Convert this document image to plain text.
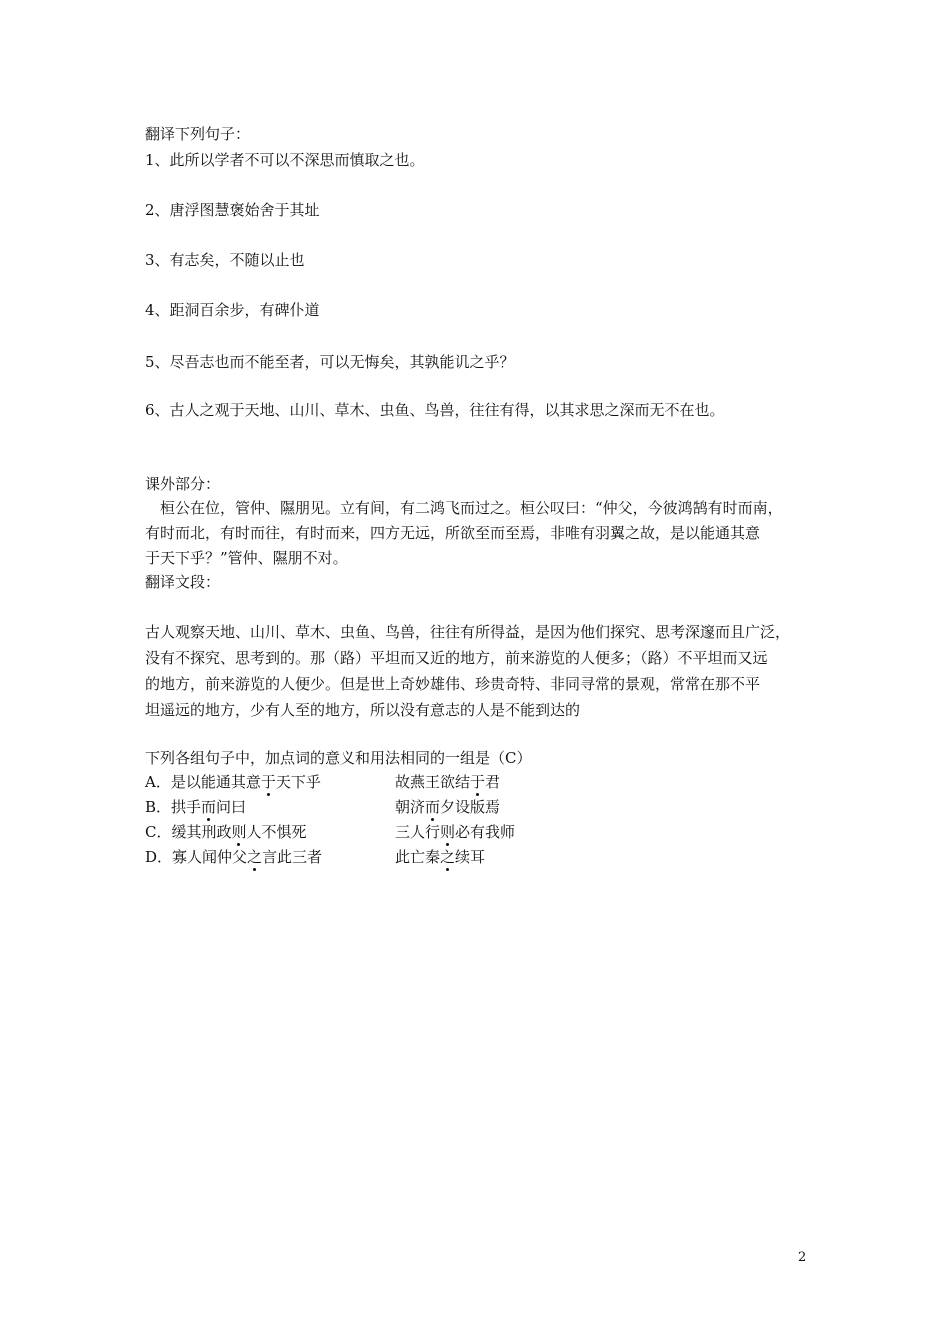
翻译下列句子：
1、此所以学者不可以不深思而慎取之也。
2、唐浮图慧褒始舍于其址
3、有志矣，不随以止也
4、距洞百余步，有碑仆道
5、尽吾志也而不能至者，可以无悔矣，其孰能讥之乎？
6、古人之观于天地、山川、草木、虫鱼、鸟兽，往往有得，以其求思之深而无不在也。
课外部分：
　桓公在位，管仲、隰朋见。立有间，有二鸿飞而过之。桓公叹曰：“仲父，今彼鸿鹄有时而南，
有时而北，有时而往，有时而来，四方无远，所欲至而至焉，非唯有羽翼之故，是以能通其意
于天下乎？”管仲、隰朋不对。
翻译文段：
古人观察天地、山川、草木、虫鱼、鸟兽，往往有所得益，是因为他们探究、思考深邃而且广泛，
没有不探究、思考到的。那（路）平坦而又近的地方，前来游览的人便多；（路）不平坦而又远
的地方，前来游览的人便少。但是世上奇妙雄伟、珍贵奇特、非同寻常的景观，常常在那不平
坦遥远的地方，少有人至的地方，所以没有意志的人是不能到达的
下列各组句子中，加点词的意义和用法相同的一组是（C）
A．是以能通其意于天下乎	故燕王欲结于君
B．拱手而问曰	朝济而夕设版焉
C．缓其刑政则人不惧死	三人行则必有我师
D．寡人闻仲父之言此三者	此亡秦之续耳
2
